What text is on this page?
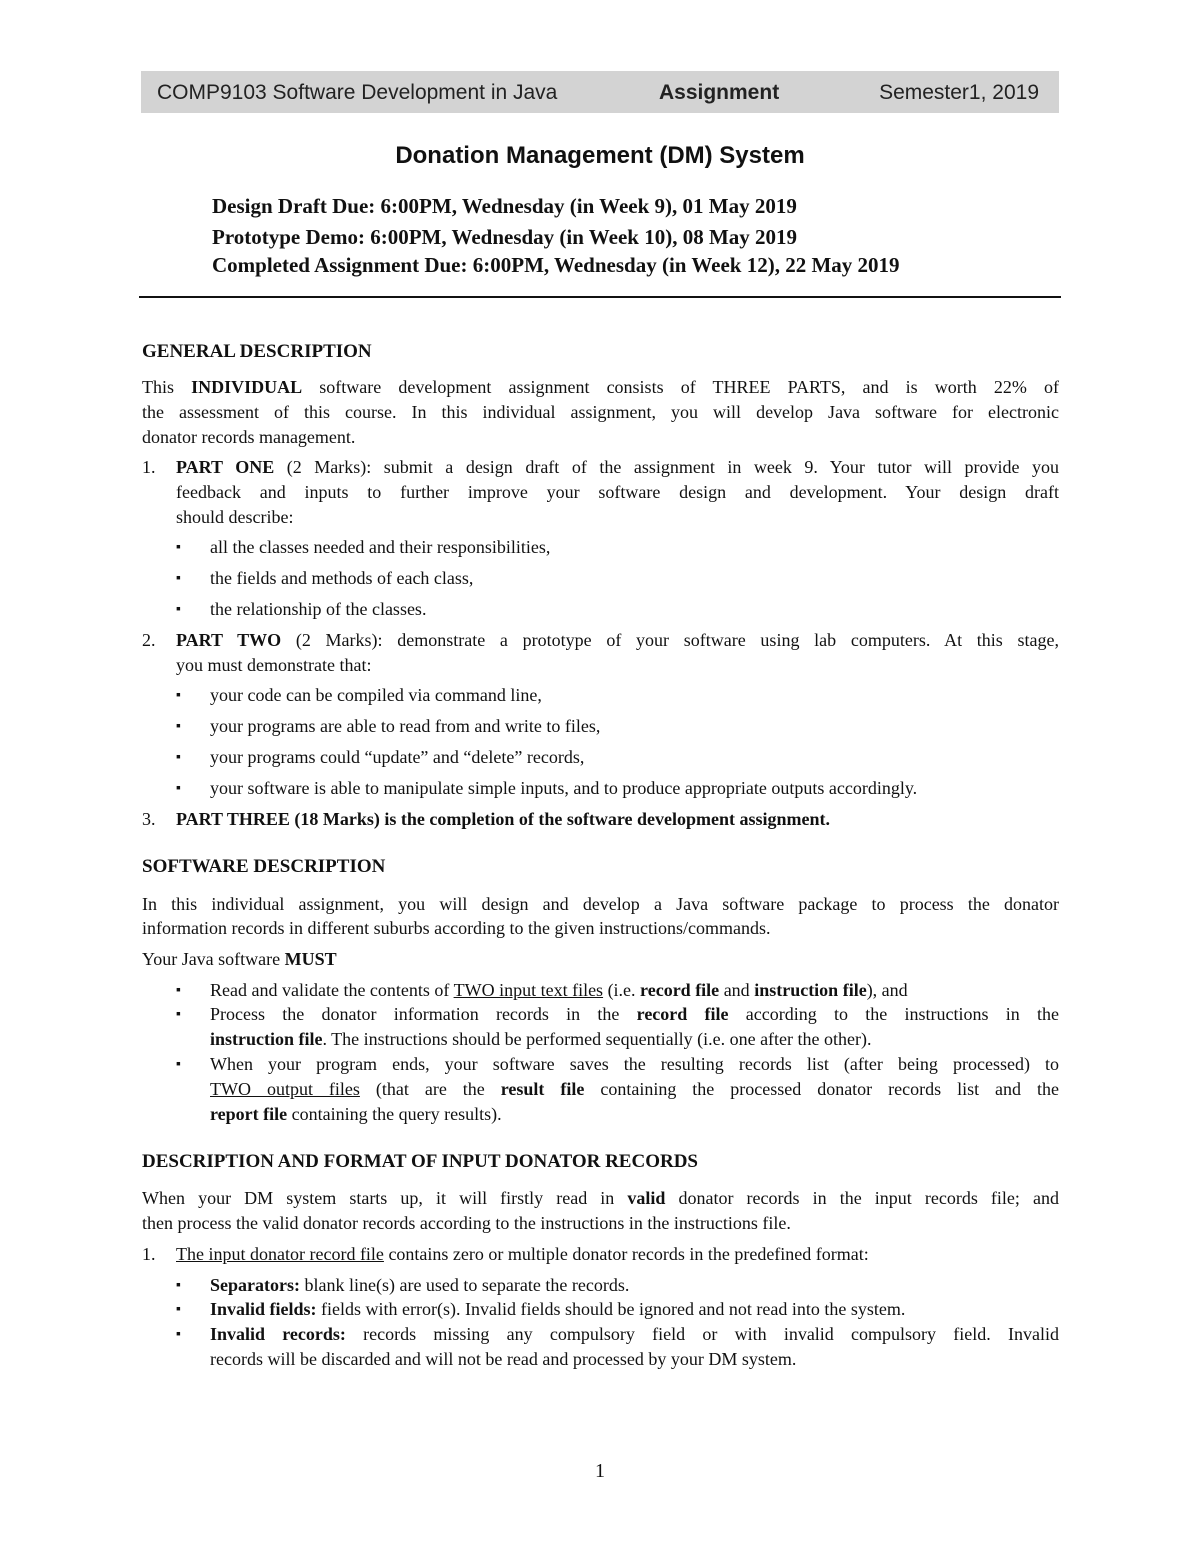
COMP9103 Software Development in Java	Assignment	Semester1, 2019
Donation Management (DM) System
Design Draft Due: 6:00PM, Wednesday (in Week 9), 01 May 2019
Prototype Demo: 6:00PM, Wednesday (in Week 10), 08 May 2019
Completed Assignment Due: 6:00PM, Wednesday (in Week 12), 22 May 2019
GENERAL DESCRIPTION
This INDIVIDUAL software development assignment consists of THREE PARTS, and is worth 22% of
the assessment of this course. In this individual assignment, you will develop Java software for electronic
donator records management.
1. PART ONE (2 Marks): submit a design draft of the assignment in week 9. Your tutor will provide you
feedback and inputs to further improve your software design and development. Your design draft
should describe:
▪ all the classes needed and their responsibilities,
▪ the fields and methods of each class,
▪ the relationship of the classes.
2. PART TWO (2 Marks): demonstrate a prototype of your software using lab computers. At this stage,
you must demonstrate that:
▪ your code can be compiled via command line,
▪ your programs are able to read from and write to files,
▪ your programs could “update” and “delete” records,
▪ your software is able to manipulate simple inputs, and to produce appropriate outputs accordingly.
3. PART THREE (18 Marks) is the completion of the software development assignment.
SOFTWARE DESCRIPTION
In this individual assignment, you will design and develop a Java software package to process the donator
information records in different suburbs according to the given instructions/commands.
Your Java software MUST
▪ Read and validate the contents of TWO input text files (i.e. record file and instruction file), and
▪ Process the donator information records in the record file according to the instructions in the
instruction file. The instructions should be performed sequentially (i.e. one after the other).
▪ When your program ends, your software saves the resulting records list (after being processed) to
TWO output files (that are the result file containing the processed donator records list and the
report file containing the query results).
DESCRIPTION AND FORMAT OF INPUT DONATOR RECORDS
When your DM system starts up, it will firstly read in valid donator records in the input records file; and
then process the valid donator records according to the instructions in the instructions file.
1. The input donator record file contains zero or multiple donator records in the predefined format:
▪ Separators: blank line(s) are used to separate the records.
▪ Invalid fields: fields with error(s). Invalid fields should be ignored and not read into the system.
▪ Invalid records: records missing any compulsory field or with invalid compulsory field. Invalid
records will be discarded and will not be read and processed by your DM system.
1
